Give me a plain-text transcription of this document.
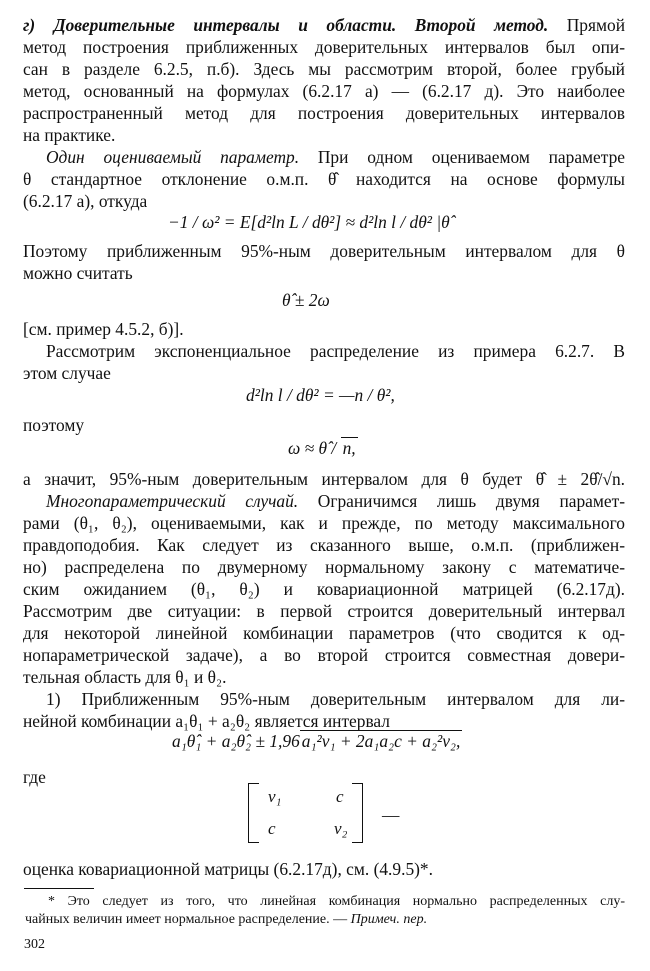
г) Доверительные интервалы и области. Второй метод. Прямой
метод построения приближенных доверительных интервалов был опи-
сан в разделе 6.2.5, п.б). Здесь мы рассмотрим второй, более грубый
метод, основанный на формулах (6.2.17 а) — (6.2.17 д). Это наиболее
распространенный метод для построения доверительных интервалов
на практике.
Один оцениваемый параметр. При одном оцениваемом параметре
θ стандартное отклонение о.м.п. θ̂ находится на основе формулы
(6.2.17 а), откуда
−1 / ω² = E[d²ln L / dθ²] ≈ d²ln l / dθ² |θ̂
Поэтому приближенным 95%-ным доверительным интервалом для θ
можно считать
θ̂ ± 2ω
[см. пример 4.5.2, б)].
Рассмотрим экспоненциальное распределение из примера 6.2.7. В
этом случае
d²ln l / dθ² = —n / θ²,
поэтому
ω ≈ θ̂ / n,
а значит, 95%-ным доверительным интервалом для θ будет θ̂ ± 2θ̂/√n.
Многопараметрический случай. Ограничимся лишь двумя парамет-
рами (θ₁, θ₂), оцениваемыми, как и прежде, по методу максимального
правдоподобия. Как следует из сказанного выше, о.м.п. (приближен-
но) распределена по двумерному нормальному закону с математиче-
ским ожиданием (θ₁, θ₂) и ковариационной матрицей (6.2.17д).
Рассмотрим две ситуации: в первой строится доверительный интервал
для некоторой линейной комбинации параметров (что сводится к од-
нопараметрической задаче), а во второй строится совместная довери-
тельная область для θ₁ и θ₂.
1) Приближенным 95%-ным доверительным интервалом для ли-
нейной комбинации a₁θ₁ + a₂θ₂ является интервал
a₁θ̂₁ + a₂θ̂₂ ± 1,96 a₁²v₁ + 2a₁a₂c + a₂²v₂,
где
v₁	c
c	v₂
—
оценка ковариационной матрицы (6.2.17д), см. (4.9.5)*.
* Это следует из того, что линейная комбинация нормально распределенных слу-
чайных величин имеет нормальное распределение. — Примеч. пер.
302
